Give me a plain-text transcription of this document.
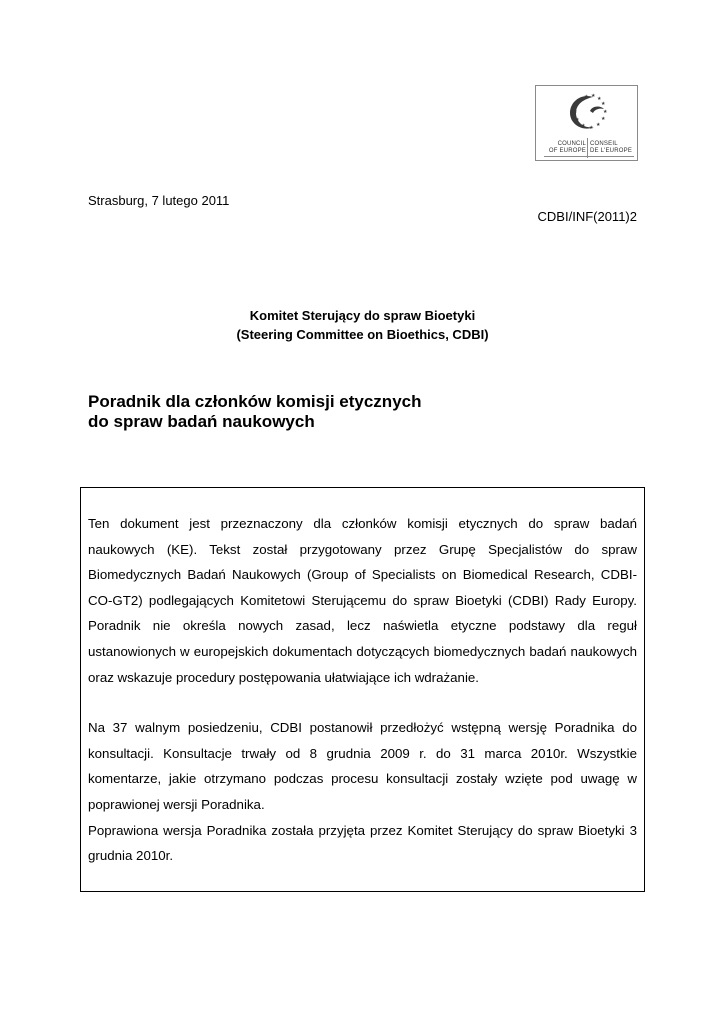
★ ★ ★
★
★
★
★
★
★
★
★
★
COUNCIL
OF EUROPE
CONSEIL
DE L'EUROPE
Strasburg, 7 lutego 2011
CDBI/INF(2011)2
Komitet Sterujący do spraw Bioetyki
(Steering Committee on Bioethics, CDBI)
Poradnik dla członków komisji etycznych
do spraw badań naukowych

Ten dokument jest przeznaczony dla członków komisji etycznych do spraw badań naukowych (KE). Tekst został przygotowany przez Grupę Specjalistów do spraw Biomedycznych Badań Naukowych (Group of Specialists on Biomedical Research, CDBI-CO-GT2) podlegających Komitetowi Sterującemu do spraw Bioetyki (CDBI) Rady Europy. Poradnik nie określa nowych zasad, lecz naświetla etyczne podstawy dla reguł ustanowionych w europejskich dokumentach dotyczących biomedycznych badań naukowych oraz wskazuje procedury postępowania ułatwiające ich wdrażanie.

Na 37 walnym posiedzeniu, CDBI postanowił przedłożyć wstępną wersję Poradnika do konsultacji. Konsultacje trwały od 8 grudnia 2009 r. do 31 marca 2010r. Wszystkie komentarze, jakie otrzymano podczas procesu konsultacji zostały wzięte pod uwagę w poprawionej wersji Poradnika.

Poprawiona wersja Poradnika została przyjęta przez Komitet Sterujący do spraw Bioetyki 3 grudnia 2010r.
